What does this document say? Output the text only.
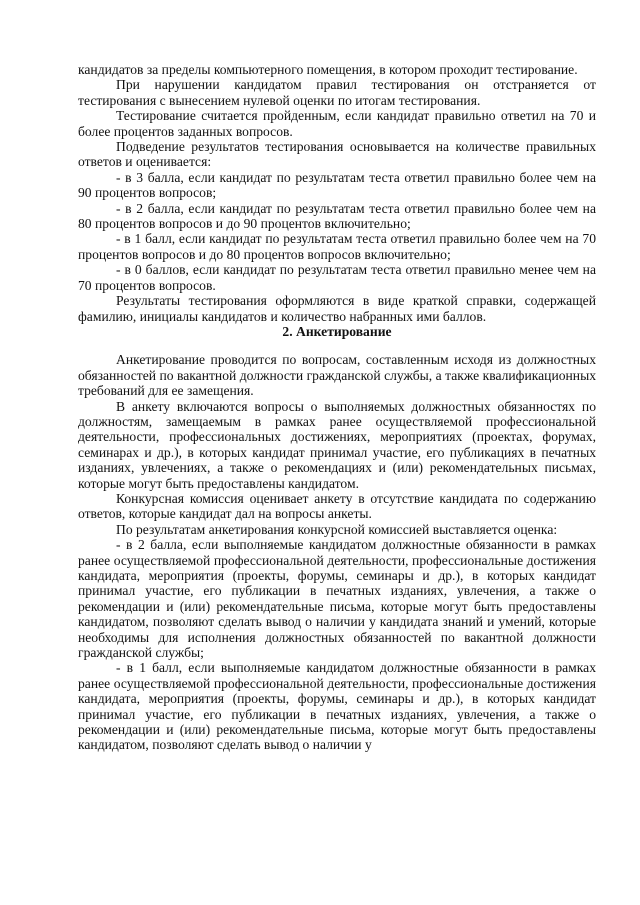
кандидатов за пределы компьютерного помещения, в котором проходит тестирование.

При нарушении кандидатом правил тестирования он отстраняется от тестирования с вынесением нулевой оценки по итогам тестирования.

Тестирование считается пройденным, если кандидат правильно ответил на 70 и более процентов заданных вопросов.

Подведение результатов тестирования основывается на количестве правильных ответов и оценивается:

- в 3 балла, если кандидат по результатам теста ответил правильно более чем на 90 процентов вопросов;

- в 2 балла, если кандидат по результатам теста ответил правильно более чем на 80 процентов вопросов и до 90 процентов включительно;

- в 1 балл, если кандидат по результатам теста ответил правильно более чем на 70 процентов вопросов и до 80 процентов вопросов включительно;

- в 0 баллов, если кандидат по результатам теста ответил правильно менее чем на 70 процентов вопросов.

Результаты тестирования оформляются в виде краткой справки, содержащей фамилию, инициалы кандидатов и количество набранных ими баллов.

2. Анкетирование

Анкетирование проводится по вопросам, составленным исходя из должностных обязанностей по вакантной должности гражданской службы, а также квалификационных требований для ее замещения.

В анкету включаются вопросы о выполняемых должностных обязанностях по должностям, замещаемым в рамках ранее осуществляемой профессиональной деятельности, профессиональных достижениях, мероприятиях (проектах, форумах, семинарах и др.), в которых кандидат принимал участие, его публикациях в печатных изданиях, увлечениях, а также о рекомендациях и (или) рекомендательных письмах, которые могут быть предоставлены кандидатом.

Конкурсная комиссия оценивает анкету в отсутствие кандидата по содержанию ответов, которые кандидат дал на вопросы анкеты.

По результатам анкетирования конкурсной комиссией выставляется оценка:

- в 2 балла, если выполняемые кандидатом должностные обязанности в рамках ранее осуществляемой профессиональной деятельности, профессиональные достижения кандидата, мероприятия (проекты, форумы, семинары и др.), в которых кандидат принимал участие, его публикации в печатных изданиях, увлечения, а также о рекомендации и (или) рекомендательные письма, которые могут быть предоставлены кандидатом, позволяют сделать вывод о наличии у кандидата знаний и умений, которые необходимы для исполнения должностных обязанностей по вакантной должности гражданской службы;

- в 1 балл, если выполняемые кандидатом должностные обязанности в рамках ранее осуществляемой профессиональной деятельности, профессиональные достижения кандидата, мероприятия (проекты, форумы, семинары и др.), в которых кандидат принимал участие, его публикации в печатных изданиях, увлечения, а также о рекомендации и (или) рекомендательные письма, которые могут быть предоставлены кандидатом, позволяют сделать вывод о наличии у
